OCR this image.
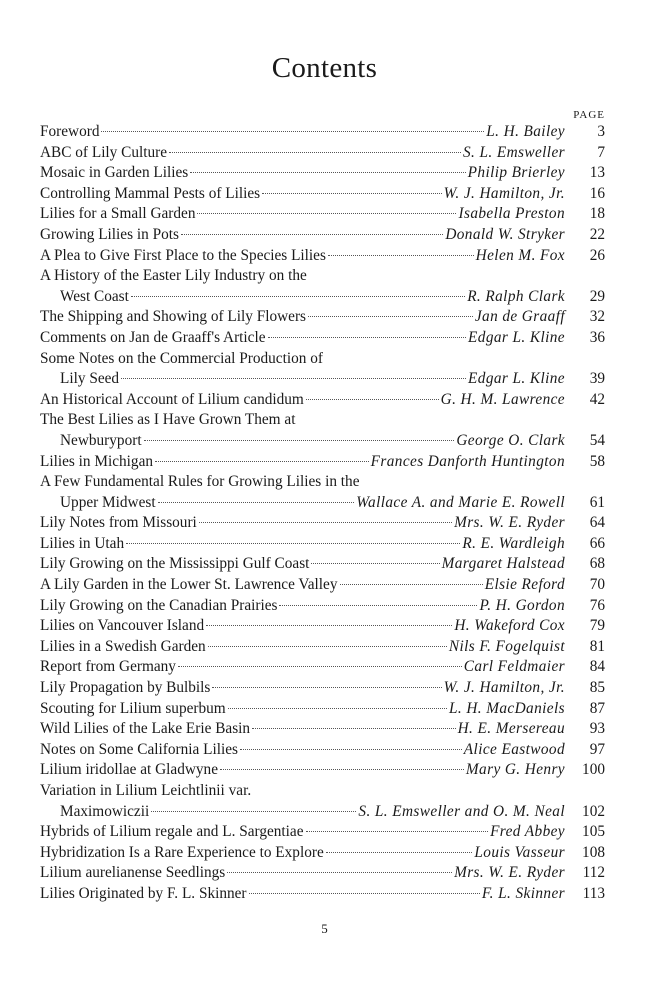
Contents
PAGE
Foreword	L. H. Bailey	3
ABC of Lily Culture	S. L. Emsweller	7
Mosaic in Garden Lilies	Philip Brierley	13
Controlling Mammal Pests of Lilies	W. J. Hamilton, Jr.	16
Lilies for a Small Garden	Isabella Preston	18
Growing Lilies in Pots	Donald W. Stryker	22
A Plea to Give First Place to the Species Lilies	Helen M. Fox	26
A History of the Easter Lily Industry on the
West Coast	R. Ralph Clark	29
The Shipping and Showing of Lily Flowers	Jan de Graaff	32
Comments on Jan de Graaff's Article	Edgar L. Kline	36
Some Notes on the Commercial Production of
Lily Seed	Edgar L. Kline	39
An Historical Account of Lilium candidum	G. H. M. Lawrence	42
The Best Lilies as I Have Grown Them at
Newburyport	George O. Clark	54
Lilies in Michigan	Frances Danforth Huntington	58
A Few Fundamental Rules for Growing Lilies in the
Upper Midwest	Wallace A. and Marie E. Rowell	61
Lily Notes from Missouri	Mrs. W. E. Ryder	64
Lilies in Utah	R. E. Wardleigh	66
Lily Growing on the Mississippi Gulf Coast	Margaret Halstead	68
A Lily Garden in the Lower St. Lawrence Valley	Elsie Reford	70
Lily Growing on the Canadian Prairies	P. H. Gordon	76
Lilies on Vancouver Island	H. Wakeford Cox	79
Lilies in a Swedish Garden	Nils F. Fogelquist	81
Report from Germany	Carl Feldmaier	84
Lily Propagation by Bulbils	W. J. Hamilton, Jr.	85
Scouting for Lilium superbum	L. H. MacDaniels	87
Wild Lilies of the Lake Erie Basin	H. E. Mersereau	93
Notes on Some California Lilies	Alice Eastwood	97
Lilium iridollae at Gladwyne	Mary G. Henry	100
Variation in Lilium Leichtlinii var.
Maximowiczii	S. L. Emsweller and O. M. Neal	102
Hybrids of Lilium regale and L. Sargentiae	Fred Abbey	105
Hybridization Is a Rare Experience to Explore	Louis Vasseur	108
Lilium aurelianense Seedlings	Mrs. W. E. Ryder	112
Lilies Originated by F. L. Skinner	F. L. Skinner	113
5
